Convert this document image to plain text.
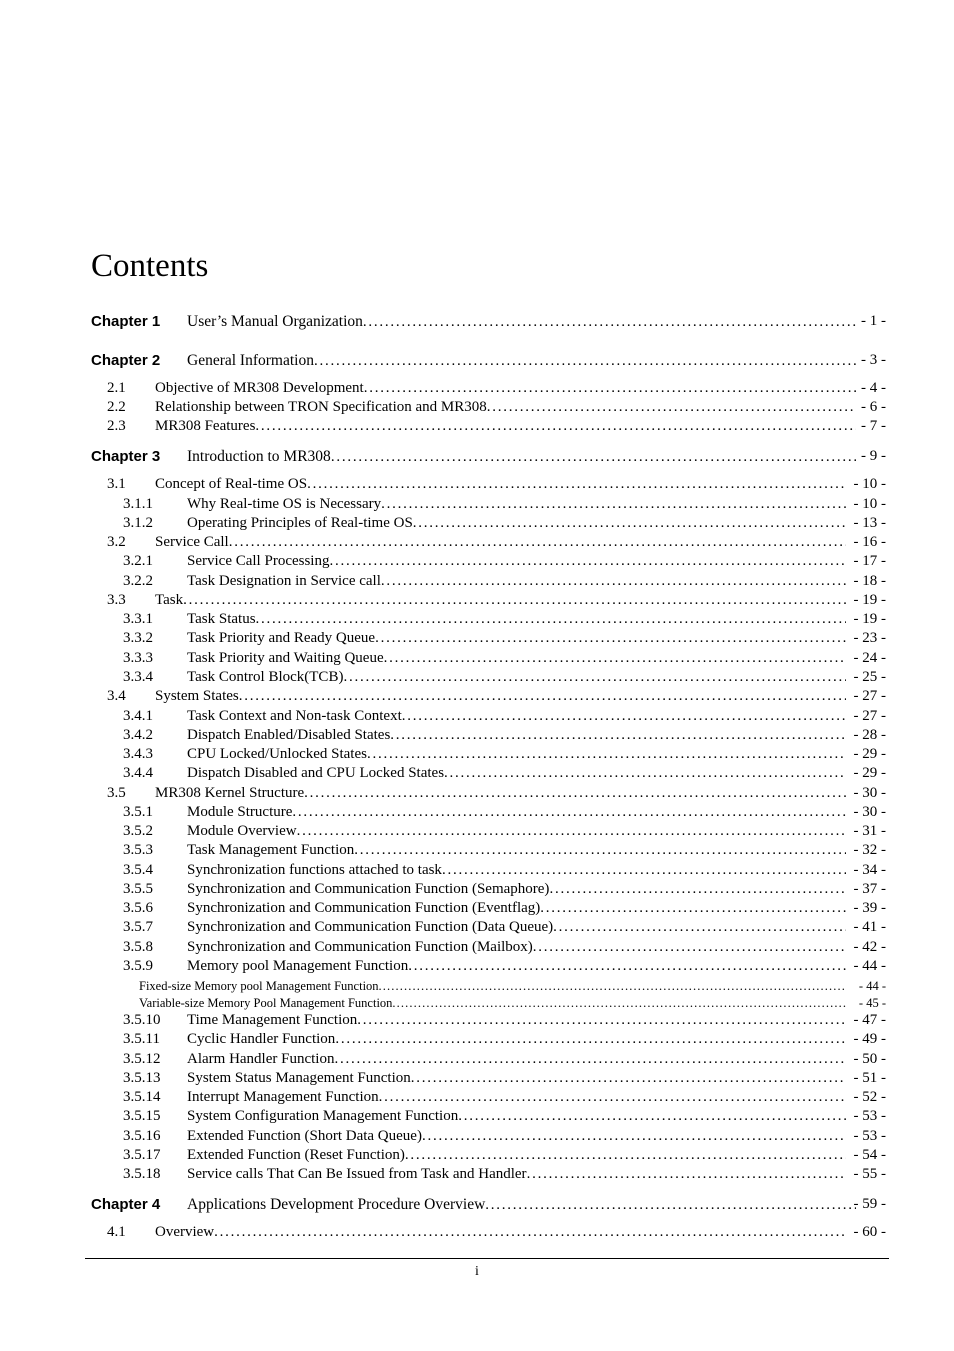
Contents
Chapter 1 User’s Manual Organization . . .	- 1 -
Chapter 2 General Information . . .	- 3 -
2.1 Objective of MR308 Development . . .	- 4 -
2.2 Relationship between TRON Specification and MR308 . . .	- 6 -
2.3 MR308 Features . . .	- 7 -
Chapter 3 Introduction to MR308 . . .	- 9 -
3.1 Concept of Real-time OS . . .	- 10 -
3.1.1 Why Real-time OS is Necessary . . .	- 10 -
3.1.2 Operating Principles of Real-time OS . . .	- 13 -
3.2 Service Call . . .	- 16 -
3.2.1 Service Call Processing . . .	- 17 -
3.2.2 Task Designation in Service call . . .	- 18 -
3.3 Task . . .	- 19 -
3.3.1 Task Status . . .	- 19 -
3.3.2 Task Priority and Ready Queue . . .	- 23 -
3.3.3 Task Priority and Waiting Queue . . .	- 24 -
3.3.4 Task Control Block(TCB) . . .	- 25 -
3.4 System States . . .	- 27 -
3.4.1 Task Context and Non-task Context . . .	- 27 -
3.4.2 Dispatch Enabled/Disabled States . . .	- 28 -
3.4.3 CPU Locked/Unlocked States . . .	- 29 -
3.4.4 Dispatch Disabled and CPU Locked States . . .	- 29 -
3.5 MR308 Kernel Structure . . .	- 30 -
3.5.1 Module Structure . . .	- 30 -
3.5.2 Module Overview . . .	- 31 -
3.5.3 Task Management Function . . .	- 32 -
3.5.4 Synchronization functions attached to task . . .	- 34 -
3.5.5 Synchronization and Communication Function (Semaphore) . . .	- 37 -
3.5.6 Synchronization and Communication Function (Eventflag) . . .	- 39 -
3.5.7 Synchronization and Communication Function (Data Queue) . . .	- 41 -
3.5.8 Synchronization and Communication Function (Mailbox) . . .	- 42 -
3.5.9 Memory pool Management Function . . .	- 44 -
Fixed-size Memory pool Management Function . . .	- 44 -
Variable-size Memory Pool Management Function . . .	- 45 -
3.5.10 Time Management Function . . .	- 47 -
3.5.11 Cyclic Handler Function . . .	- 49 -
3.5.12 Alarm Handler Function . . .	- 50 -
3.5.13 System Status Management Function . . .	- 51 -
3.5.14 Interrupt Management Function . . .	- 52 -
3.5.15 System Configuration Management Function . . .	- 53 -
3.5.16 Extended Function (Short Data Queue) . . .	- 53 -
3.5.17 Extended Function (Reset Function) . . .	- 54 -
3.5.18 Service calls That Can Be Issued from Task and Handler . . .	- 55 -
Chapter 4 Applications Development Procedure Overview . . .	- 59 -
4.1 Overview . . .	- 60 -
i
